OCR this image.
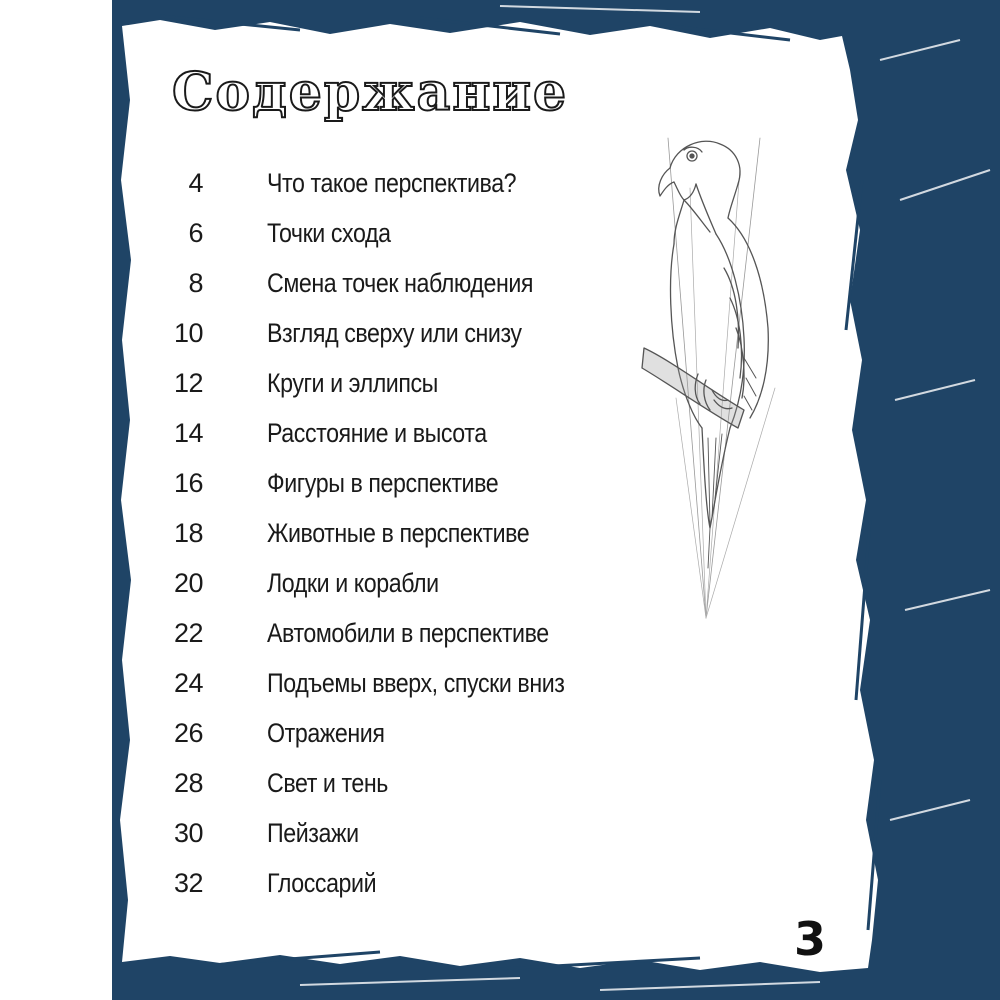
Содержание
4 Что такое перспектива?
6 Точки схода
8 Смена точек наблюдения
10 Взгляд сверху или снизу
12 Круги и эллипсы
14 Расстояние и высота
16 Фигуры в перспективе
18 Животные в перспективе
20 Лодки и корабли
22 Автомобили в перспективе
24 Подъемы вверх, спуски вниз
26 Отражения
28 Свет и тень
30 Пейзажи
32 Глоссарий
3
